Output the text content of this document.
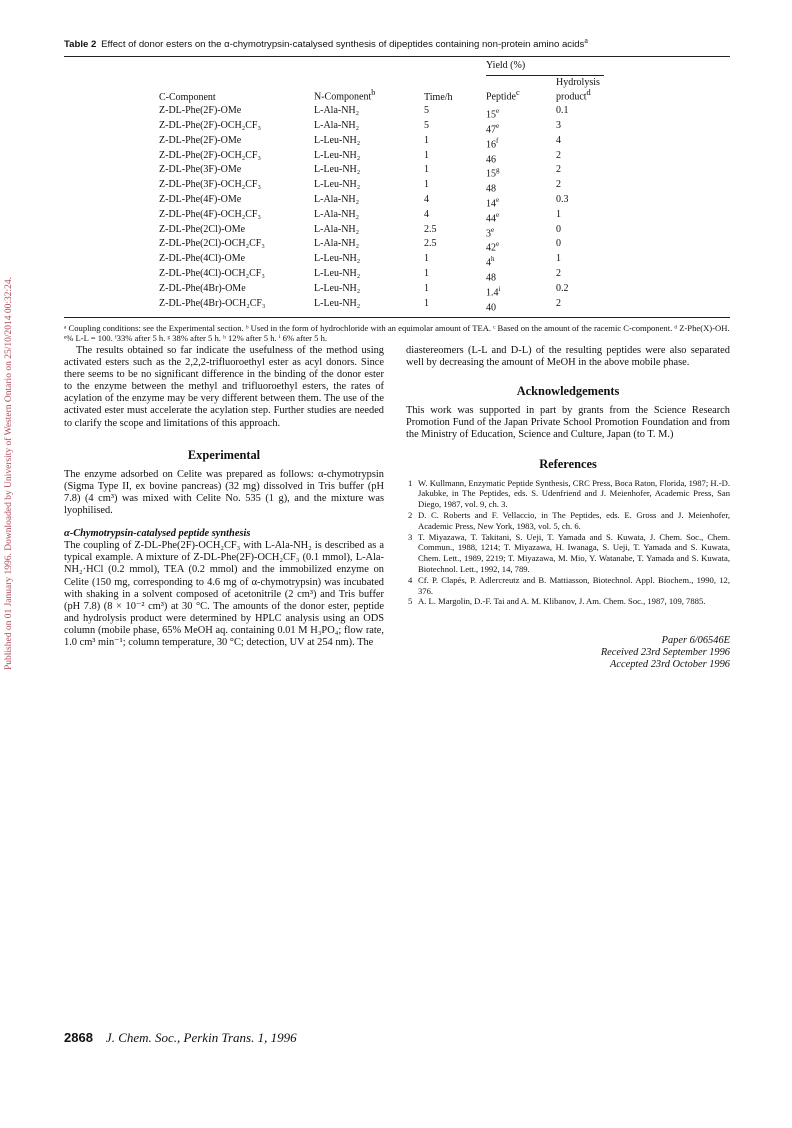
Published on 01 January 1996. Downloaded by University of Western Ontario on 25/10/2014 00:32:24.
Table 2 Effect of donor esters on the α-chymotrypsin-catalysed synthesis of dipeptides containing non-protein amino acids$^a$
			Yield (%)	

C-Component	N-Component$^b$	Time/h	Peptide$^c$	Hydrolysis
product$^d$
Z-DL-Phe(2F)-OMe	L-Ala-NH₂	5	15e	0.1
Z-DL-Phe(2F)-OCH₂CF₃	L-Ala-NH₂	5	47e	3
Z-DL-Phe(2F)-OMe	L-Leu-NH₂	1	16$^f$	4
Z-DL-Phe(2F)-OCH₂CF₃	L-Leu-NH₂	1	46	2
Z-DL-Phe(3F)-OMe	L-Leu-NH₂	1	15$^g$	2
Z-DL-Phe(3F)-OCH₂CF₃	L-Leu-NH₂	1	48	2
Z-DL-Phe(4F)-OMe	L-Ala-NH₂	4	14e	0.3
Z-DL-Phe(4F)-OCH₂CF₃	L-Ala-NH₂	4	44e	1
Z-DL-Phe(2Cl)-OMe	L-Ala-NH₂	2.5	3e	0
Z-DL-Phe(2Cl)-OCH₂CF₃	L-Ala-NH₂	2.5	42e	0
Z-DL-Phe(4Cl)-OMe	L-Leu-NH₂	1	4$^h$	1
Z-DL-Phe(4Cl)-OCH₂CF₃	L-Leu-NH₂	1	48	2
Z-DL-Phe(4Br)-OMe	L-Leu-NH₂	1	1.4$^i$	0.2
Z-DL-Phe(4Br)-OCH₂CF₃	L-Leu-NH₂	1	40	2
ᵃ Coupling conditions: see the Experimental section. ᵇ Used in the form of hydrochloride with an equimolar amount of TEA. ᶜ Based on the amount of the racemic C-component. ᵈ Z-Phe(X)-OH. ᵉ% L-L = 100. ᶠ33% after 5 h. ᵍ 38% after 5 h. ʰ 12% after 5 h. ⁱ 6% after 5 h.

The results obtained so far indicate the usefulness of the method using activated esters such as the 2,2,2-trifluoroethyl ester as acyl donors. Since there seems to be no significant difference in the binding of the donor ester to the enzyme between the methyl and trifluoroethyl esters, the rates of acylation of the enzyme may be very different between them. The use of the activated ester must accelerate the acylation step. Further studies are needed to clarify the scope and limitations of this approach.

Experimental

The enzyme adsorbed on Celite was prepared as follows: α-chymotrypsin (Sigma Type II, ex bovine pancreas) (32 mg) dissolved in Tris buffer (pH 7.8) (4 cm³) was mixed with Celite No. 535 (1 g), and the mixture was lyophilised.

α-Chymotrypsin-catalysed peptide synthesis

The coupling of Z-DL-Phe(2F)-OCH₂CF₃ with L-Ala-NH₂ is described as a typical example. A mixture of Z-DL-Phe(2F)-OCH₂CF₃ (0.1 mmol), L-Ala-NH₂·HCl (0.2 mmol), TEA (0.2 mmol) and the immobilized enzyme on Celite (150 mg, corresponding to 4.6 mg of α-chymotrypsin) was incubated with shaking in a solvent composed of acetonitrile (2 cm³) and Tris buffer (pH 7.8) (8 × 10⁻² cm³) at 30 °C. The amounts of the donor ester, peptide and hydrolysis product were determined by HPLC analysis using an ODS column (mobile phase, 65% MeOH aq. containing 0.01 M H₃PO₄; flow rate, 1.0 cm³ min⁻¹; column temperature, 30 °C; detection, UV at 254 nm). The

diastereomers (L-L and D-L) of the resulting peptides were also separated well by decreasing the amount of MeOH in the above mobile phase.

Acknowledgements

This work was supported in part by grants from the Science Research Promotion Fund of the Japan Private School Promotion Foundation and from the Ministry of Education, Science and Culture, Japan (to T. M.)

References

1 W. Kullmann, Enzymatic Peptide Synthesis, CRC Press, Boca Raton, Florida, 1987; H.-D. Jakubke, in The Peptides, eds. S. Udenfriend and J. Meienhofer, Academic Press, San Diego, 1987, vol. 9, ch. 3.
2 D. C. Roberts and F. Vellaccio, in The Peptides, eds. E. Gross and J. Meienhofer, Academic Press, New York, 1983, vol. 5, ch. 6.
3 T. Miyazawa, T. Takitani, S. Ueji, T. Yamada and S. Kuwata, J. Chem. Soc., Chem. Commun., 1988, 1214; T. Miyazawa, H. Iwanaga, S. Ueji, T. Yamada and S. Kuwata, Chem. Lett., 1989, 2219; T. Miyazawa, M. Mio, Y. Watanabe, T. Yamada and S. Kuwata, Biotechnol. Lett., 1992, 14, 789.
4 Cf. P. Clapés, P. Adlercreutz and B. Mattiasson, Biotechnol. Appl. Biochem., 1990, 12, 376.
5 A. L. Margolin, D.-F. Tai and A. M. Klibanov, J. Am. Chem. Soc., 1987, 109, 7885.
Paper 6/06546E
Received 23rd September 1996
Accepted 23rd October 1996
2868 J. Chem. Soc., Perkin Trans. 1, 1996
